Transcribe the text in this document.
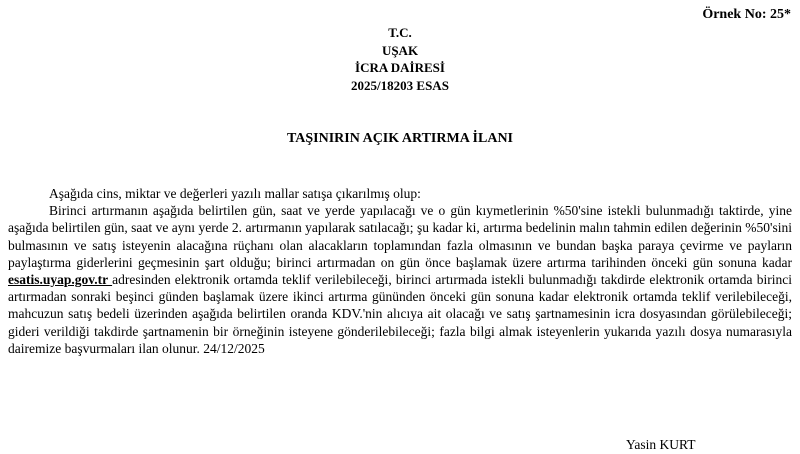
Örnek No: 25*
T.C.
UŞAK
İCRA DAİRESİ
2025/18203 ESAS
TAŞINIRIN AÇIK ARTIRMA İLANI

Aşağıda cins, miktar ve değerleri yazılı mallar satışa çıkarılmış olup:

Birinci artırmanın aşağıda belirtilen gün, saat ve yerde yapılacağı ve o gün kıymetlerinin %50'sine istekli bulunmadığı taktirde, yine aşağıda belirtilen gün, saat ve aynı yerde 2. artırmanın yapılarak satılacağı; şu kadar ki, artırma bedelinin malın tahmin edilen değerinin %50'sini bulmasının ve satış isteyenin alacağına rüçhanı olan alacakların toplamından fazla olmasının ve bundan başka paraya çevirme ve payların paylaştırma giderlerini geçmesinin şart olduğu; birinci artırmadan on gün önce başlamak üzere artırma tarihinden önceki gün sonuna kadar esatis.uyap.gov.tr adresinden elektronik ortamda teklif verilebileceği, birinci artırmada istekli bulunmadığı takdirde elektronik ortamda birinci artırmadan sonraki beşinci günden başlamak üzere ikinci artırma gününden önceki gün sonuna kadar elektronik ortamda teklif verilebileceği, mahcuzun satış bedeli üzerinden aşağıda belirtilen oranda KDV.'nin alıcıya ait olacağı ve satış şartnamesinin icra dosyasından görülebileceği; gideri verildiği takdirde şartnamenin bir örneğinin isteyene gönderilebileceği; fazla bilgi almak isteyenlerin yukarıda yazılı dosya numarasıyla dairemize başvurmaları ilan olunur. 24/12/2025

Yasin KURT
